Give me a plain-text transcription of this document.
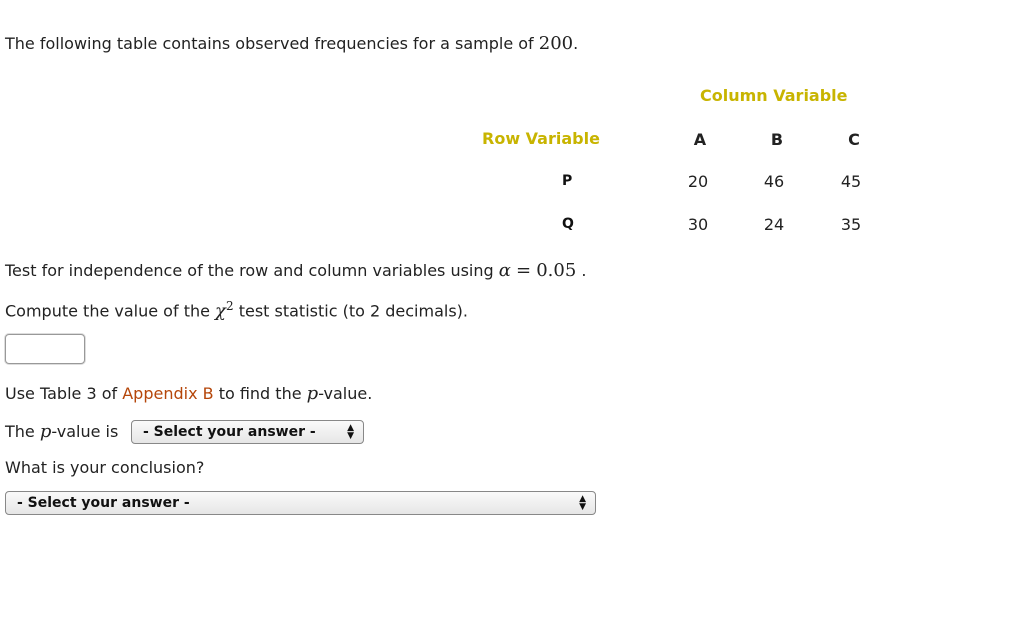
The following table contains observed frequencies for a sample of 200.
Column Variable
Row Variable	A	B	C
P	20	46	45
Q	30	24	35
Test for independence of the row and column variables using α = 0.05 .
Compute the value of the $\chi^2$ test statistic (to 2 decimals).
Use Table 3 of Appendix B to find the p-value.
The p-value is	- Select your answer -	▲
▼
What is your conclusion?
- Select your answer -	▲
▼
